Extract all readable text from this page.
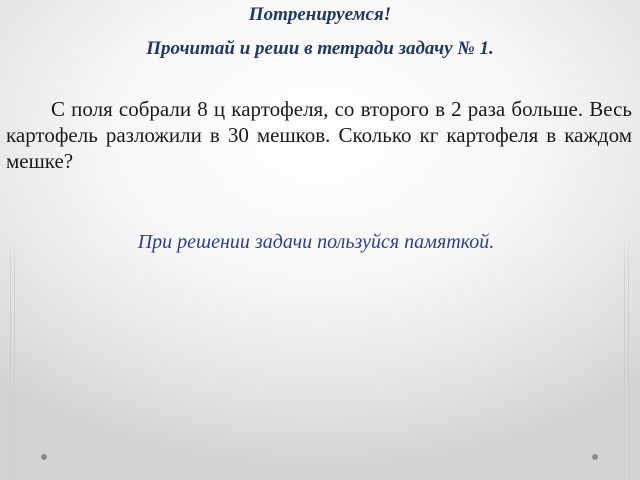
Потренируемся!
Прочитай и реши в тетради задачу № 1.

С поля собрали 8 ц картофеля, со второго в 2 раза больше. Весь картофель разложили в 30 мешков. Сколько кг картофеля в каждом мешке?

При решении задачи пользуйся памяткой.
